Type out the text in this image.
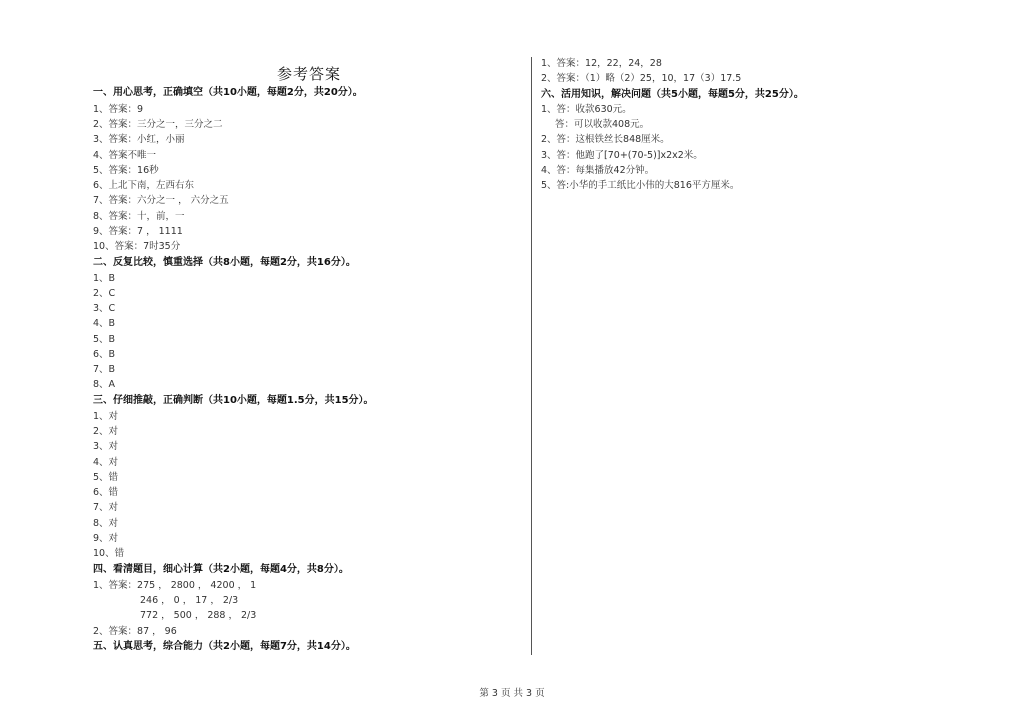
参考答案
一、用心思考，正确填空（共10小题，每题2分，共20分）。
1、答案：9
2、答案：三分之一，三分之二
3、答案：小红，小丽
4、答案不唯一
5、答案：16秒
6、上北下南，左西右东
7、答案：六分之一 ， 六分之五
8、答案：十，前，一
9、答案：7 ， 1111
10、答案：7时35分
二、反复比较，慎重选择（共8小题，每题2分，共16分）。
1、B
2、C
3、C
4、B
5、B
6、B
7、B
8、A
三、仔细推敲，正确判断（共10小题，每题1.5分，共15分）。
1、对
2、对
3、对
4、对
5、错
6、错
7、对
8、对
9、对
10、错
四、看清题目，细心计算（共2小题，每题4分，共8分）。
1、答案：275 ， 2800 ， 4200 ， 1
246 ， 0 ， 17 ， 2/3
772 ， 500 ， 288 ， 2/3
2、答案：87 ， 96
五、认真思考，综合能力（共2小题，每题7分，共14分）。
1、答案：12，22，24，28
2、答案：（1）略（2）25，10，17（3）17.5
六、活用知识，解决问题（共5小题，每题5分，共25分）。
1、答：收款630元。
答：可以收款408元。
2、答：这根铁丝长848厘米。
3、答：他跑了[70+(70-5)]x2x2米。
4、答：每集播放42分钟。
5、答:小华的手工纸比小伟的大816平方厘米。
第 3 页 共 3 页
